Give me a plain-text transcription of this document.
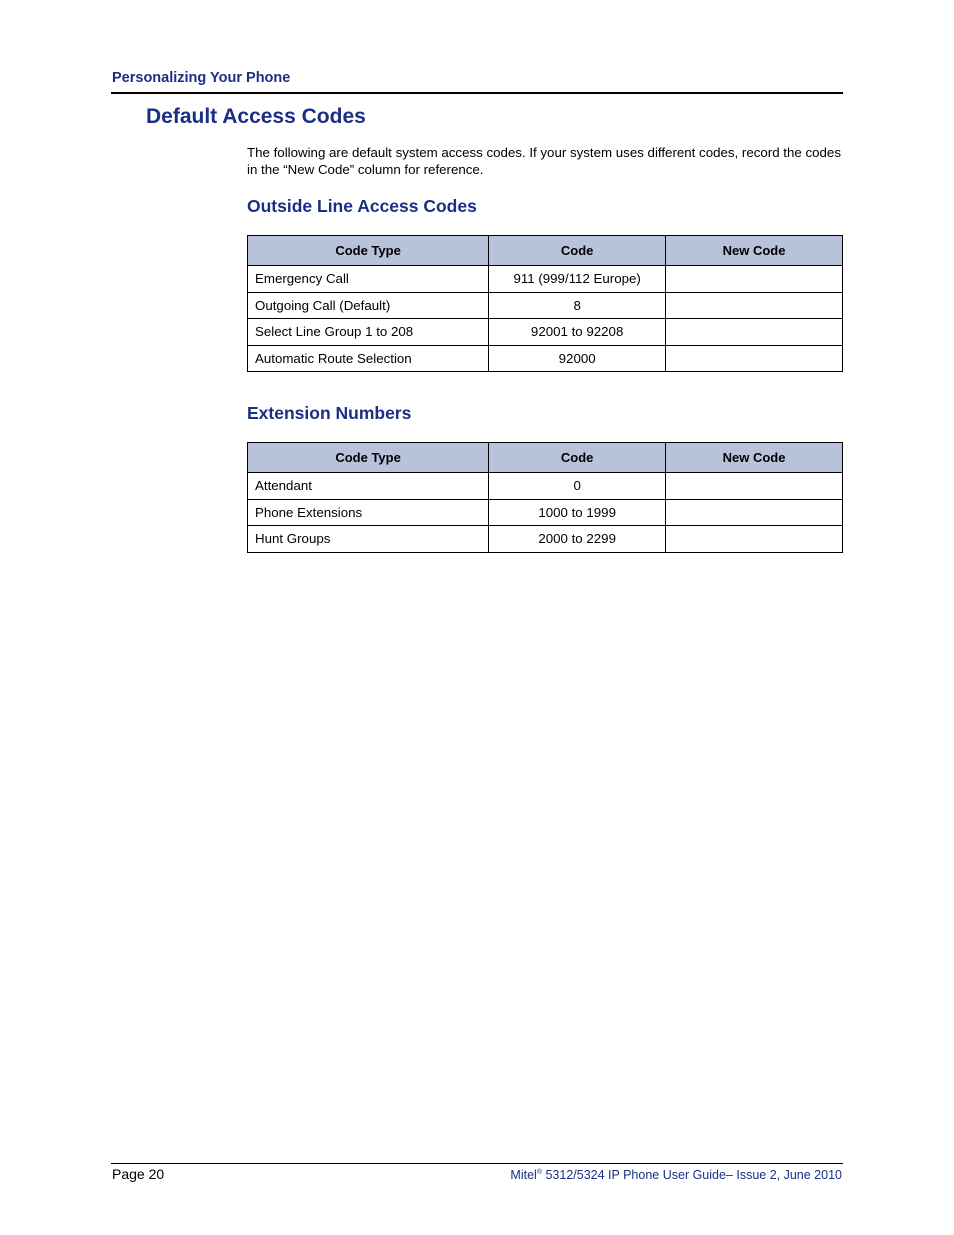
Personalizing Your Phone
Default Access Codes
The following are default system access codes. If your system uses different codes, record the codes in the “New Code” column for reference.
Outside Line Access Codes
Code Type	Code	New Code
Emergency Call	911 (999/112 Europe)	
Outgoing Call (Default)	8	
Select Line Group 1 to 208	92001 to 92208	
Automatic Route Selection	92000	
Extension Numbers
Code Type	Code	New Code
Attendant	0	
Phone Extensions	1000 to 1999	
Hunt Groups	2000 to 2299	
Page 20	Mitel® 5312/5324 IP Phone User Guide– Issue 2, June 2010
